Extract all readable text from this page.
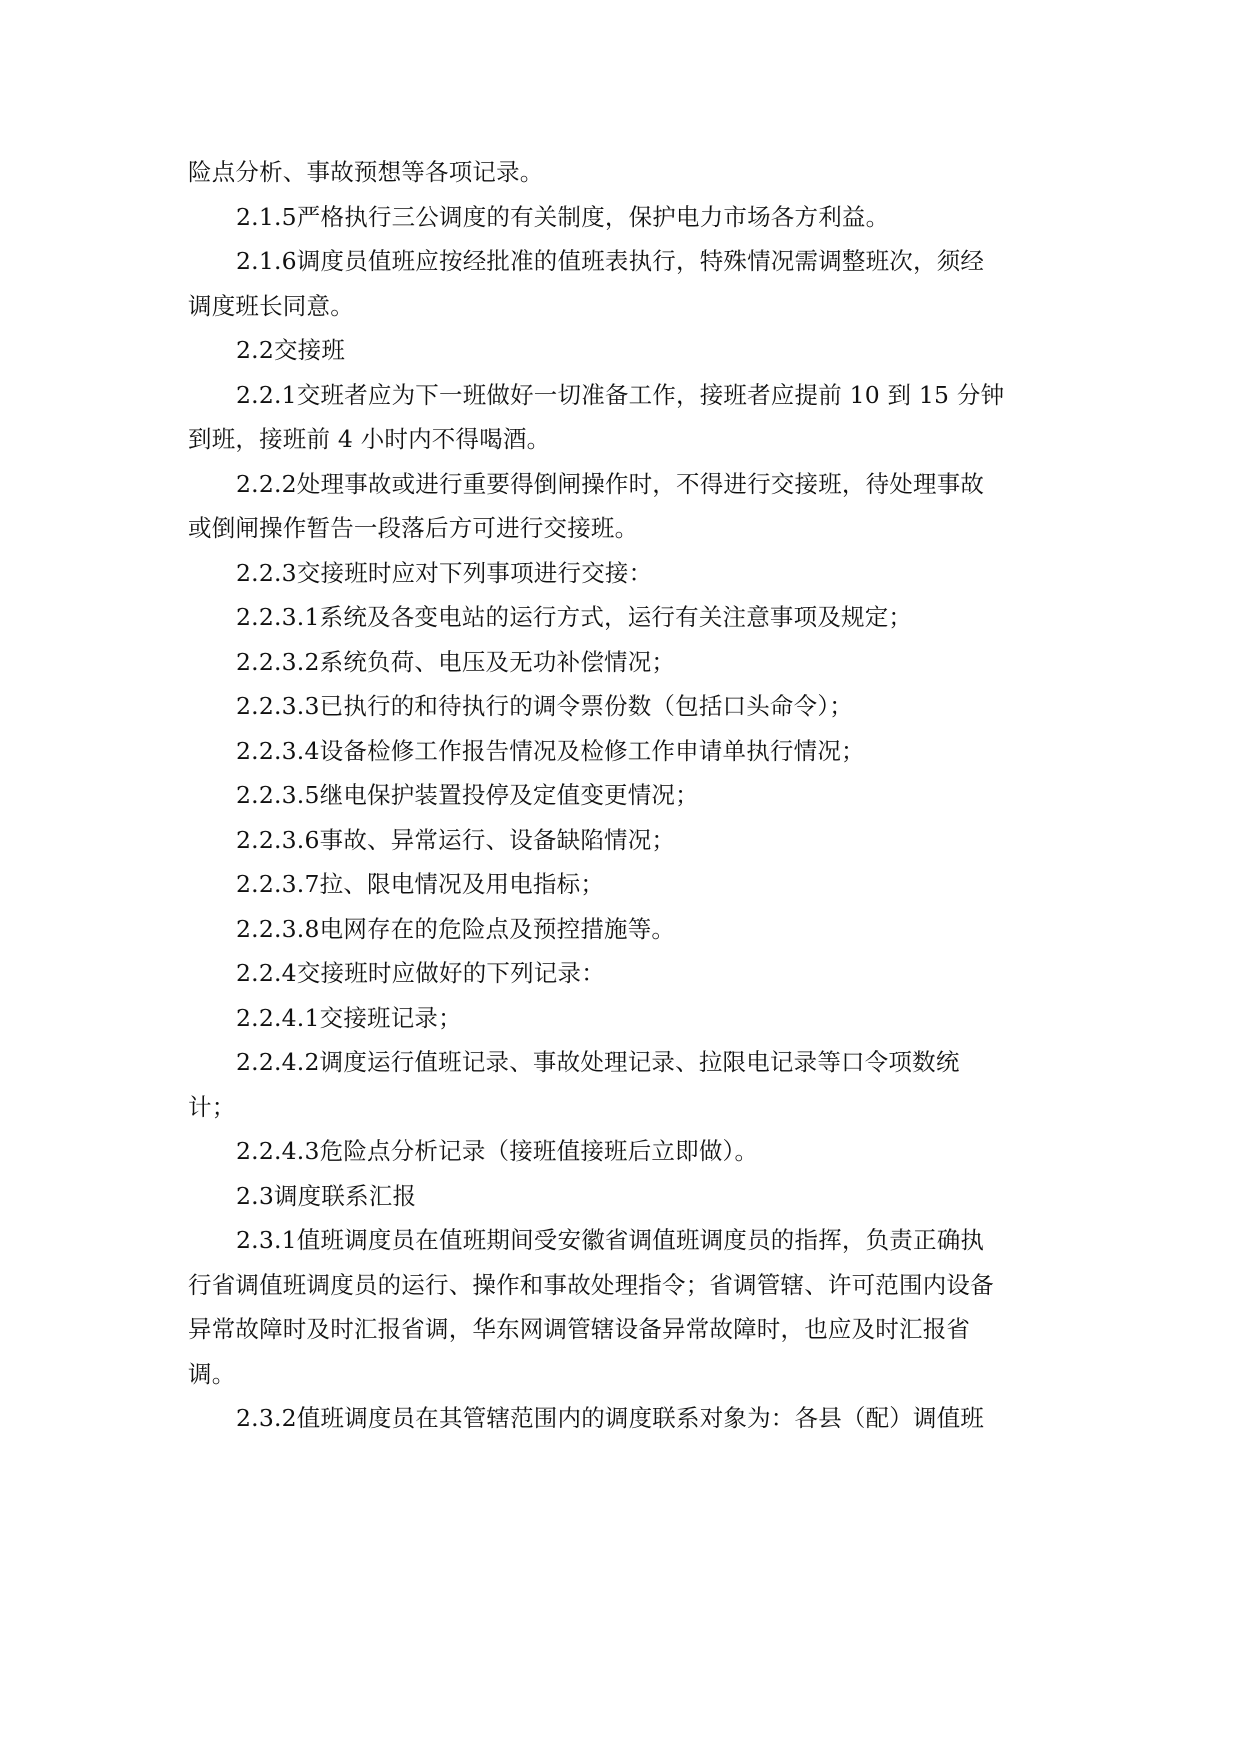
险点分析、事故预想等各项记录。
2.1.5严格执行三公调度的有关制度，保护电力市场各方利益。
2.1.6调度员值班应按经批准的值班表执行，特殊情况需调整班次，须经
调度班长同意。
2.2交接班
2.2.1交班者应为下一班做好一切准备工作，接班者应提前 10 到 15 分钟
到班，接班前 4 小时内不得喝酒。
2.2.2处理事故或进行重要得倒闸操作时，不得进行交接班，待处理事故
或倒闸操作暂告一段落后方可进行交接班。
2.2.3交接班时应对下列事项进行交接：
2.2.3.1系统及各变电站的运行方式，运行有关注意事项及规定；
2.2.3.2系统负荷、电压及无功补偿情况；
2.2.3.3已执行的和待执行的调令票份数（包括口头命令）；
2.2.3.4设备检修工作报告情况及检修工作申请单执行情况；
2.2.3.5继电保护装置投停及定值变更情况；
2.2.3.6事故、异常运行、设备缺陷情况；
2.2.3.7拉、限电情况及用电指标；
2.2.3.8电网存在的危险点及预控措施等。
2.2.4交接班时应做好的下列记录：
2.2.4.1交接班记录；
2.2.4.2调度运行值班记录、事故处理记录、拉限电记录等口令项数统
计；
2.2.4.3危险点分析记录（接班值接班后立即做）。
2.3调度联系汇报
2.3.1值班调度员在值班期间受安徽省调值班调度员的指挥，负责正确执
行省调值班调度员的运行、操作和事故处理指令；省调管辖、许可范围内设备
异常故障时及时汇报省调，华东网调管辖设备异常故障时，也应及时汇报省
调。
2.3.2值班调度员在其管辖范围内的调度联系对象为：各县（配）调值班
